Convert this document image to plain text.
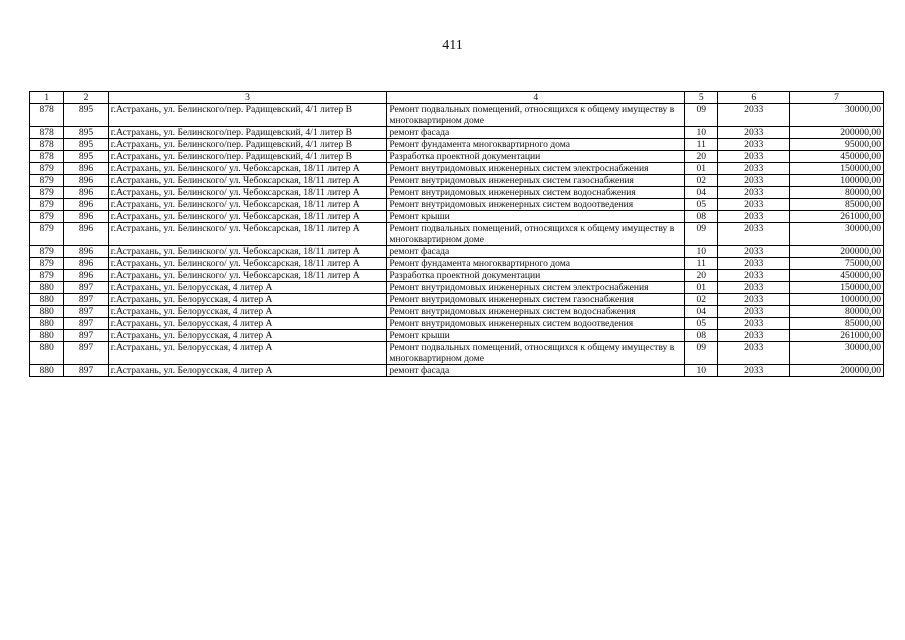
411
1	2	3	4	5	6	7
878	895	г.Астрахань, ул. Белинского/пер. Радищевский, 4/1 литер В	Ремонт подвальных помещений, относящихся к общему имуществу в многоквартирном доме	09	2033	30000,00
878	895	г.Астрахань, ул. Белинского/пер. Радищевский, 4/1 литер В	ремонт фасада	10	2033	200000,00
878	895	г.Астрахань, ул. Белинского/пер. Радищевский, 4/1 литер В	Ремонт фундамента многоквартирного дома	11	2033	95000,00
878	895	г.Астрахань, ул. Белинского/пер. Радищевский, 4/1 литер В	Разработка проектной документации	20	2033	450000,00
879	896	г.Астрахань, ул. Белинского/ ул. Чебоксарская, 18/11 литер А	Ремонт внутридомовых инженерных систем электроснабжения	01	2033	150000,00
879	896	г.Астрахань, ул. Белинского/ ул. Чебоксарская, 18/11 литер А	Ремонт внутридомовых инженерных систем газоснабжения	02	2033	100000,00
879	896	г.Астрахань, ул. Белинского/ ул. Чебоксарская, 18/11 литер А	Ремонт внутридомовых инженерных систем водоснабжения	04	2033	80000,00
879	896	г.Астрахань, ул. Белинского/ ул. Чебоксарская, 18/11 литер А	Ремонт внутридомовых инженерных систем водоотведения	05	2033	85000,00
879	896	г.Астрахань, ул. Белинского/ ул. Чебоксарская, 18/11 литер А	Ремонт крыши	08	2033	261000,00
879	896	г.Астрахань, ул. Белинского/ ул. Чебоксарская, 18/11 литер А	Ремонт подвальных помещений, относящихся к общему имуществу в многоквартирном доме	09	2033	30000,00
879	896	г.Астрахань, ул. Белинского/ ул. Чебоксарская, 18/11 литер А	ремонт фасада	10	2033	200000,00
879	896	г.Астрахань, ул. Белинского/ ул. Чебоксарская, 18/11 литер А	Ремонт фундамента многоквартирного дома	11	2033	75000,00
879	896	г.Астрахань, ул. Белинского/ ул. Чебоксарская, 18/11 литер А	Разработка проектной документации	20	2033	450000,00
880	897	г.Астрахань, ул. Белорусская, 4 литер А	Ремонт внутридомовых инженерных систем электроснабжения	01	2033	150000,00
880	897	г.Астрахань, ул. Белорусская, 4 литер А	Ремонт внутридомовых инженерных систем газоснабжения	02	2033	100000,00
880	897	г.Астрахань, ул. Белорусская, 4 литер А	Ремонт внутридомовых инженерных систем водоснабжения	04	2033	80000,00
880	897	г.Астрахань, ул. Белорусская, 4 литер А	Ремонт внутридомовых инженерных систем водоотведения	05	2033	85000,00
880	897	г.Астрахань, ул. Белорусская, 4 литер А	Ремонт крыши	08	2033	261000,00
880	897	г.Астрахань, ул. Белорусская, 4 литер А	Ремонт подвальных помещений, относящихся к общему имуществу в многоквартирном доме	09	2033	30000,00
880	897	г.Астрахань, ул. Белорусская, 4 литер А	ремонт фасада	10	2033	200000,00
